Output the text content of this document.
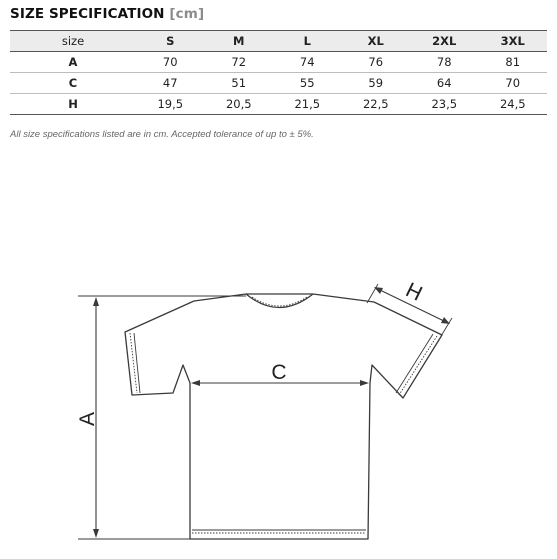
SIZE SPECIFICATION [cm]
size	S	M	L	XL	2XL	3XL
A	70	72	74	76	78	81
C	47	51	55	59	64	70
H	19,5	20,5	21,5	22,5	23,5	24,5
All size specifications listed are in cm. Accepted tolerance of up to ± 5%.
A
C
H
